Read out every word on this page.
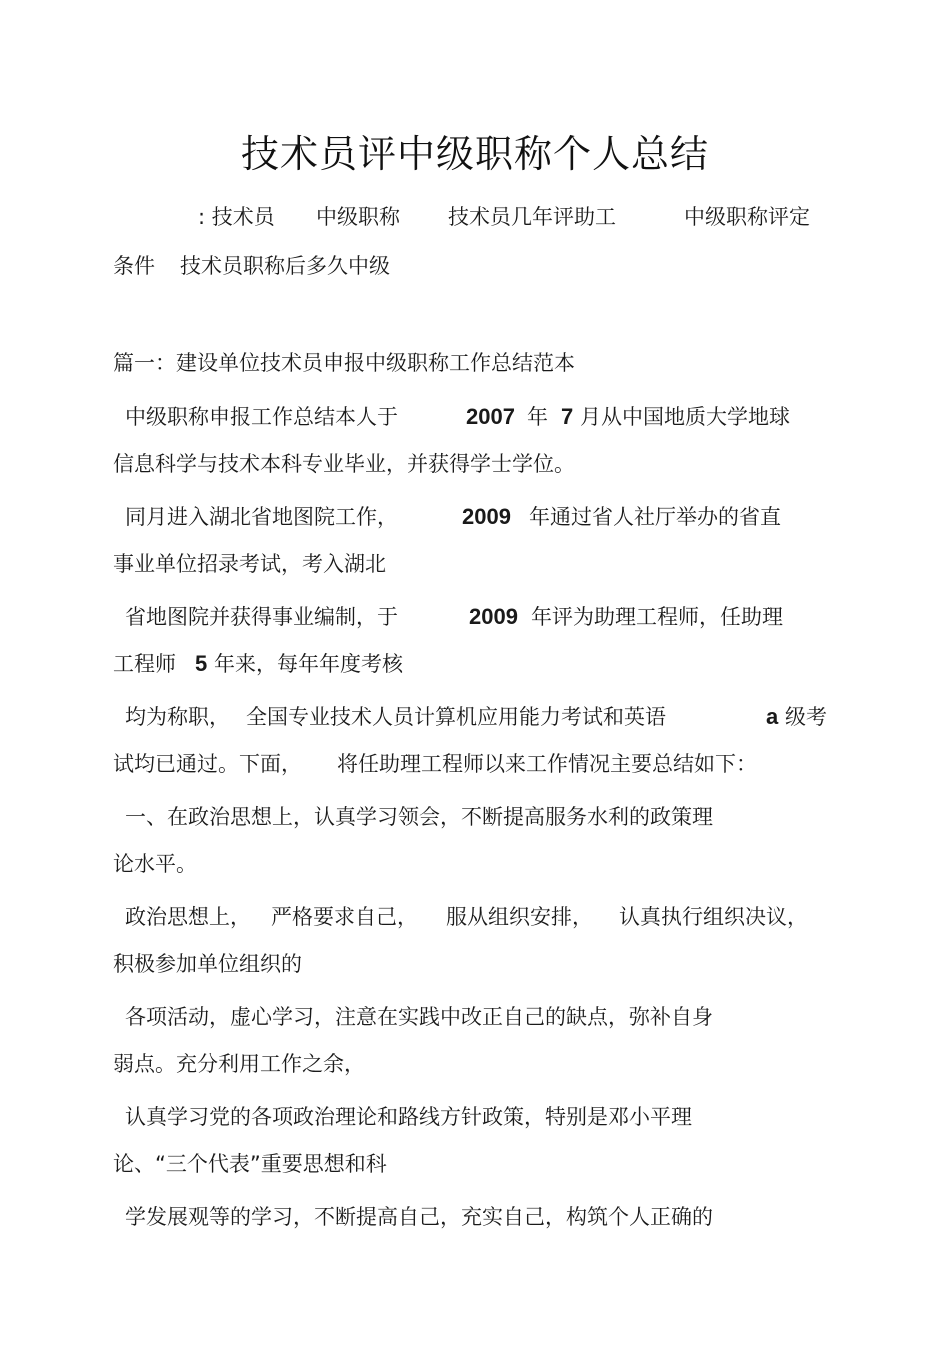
技术员评中级职称个人总结
: 技术员 中级职称 技术员几年评助工	中级职称评定
条件 技术员职称后多久中级
篇一：建设单位技术员申报中级职称工作总结范本
中级职称申报工作总结本人于	2007 年 7 月从中国地质大学地球
信息科学与技术本科专业毕业，并获得学士学位。
同月进入湖北省地图院工作，	2009 年通过省人社厅举办的省直
事业单位招录考试，考入湖北
省地图院并获得事业编制，于	2009 年评为助理工程师，任助理
工程师 5 年来，每年年度考核
均为称职， 全国专业技术人员计算机应用能力考试和英语	a 级考
试均已通过。下面， 将任助理工程师以来工作情况主要总结如下：
一、在政治思想上，认真学习领会，不断提高服务水利的政策理
论水平。
政治思想上， 严格要求自己， 服从组织安排， 认真执行组织决议，
积极参加单位组织的
各项活动，虚心学习，注意在实践中改正自己的缺点，弥补自身
弱点。充分利用工作之余，
认真学习党的各项政治理论和路线方针政策，特别是邓小平理
论、“三个代表”重要思想和科
学发展观等的学习，不断提高自己，充实自己，构筑个人正确的
